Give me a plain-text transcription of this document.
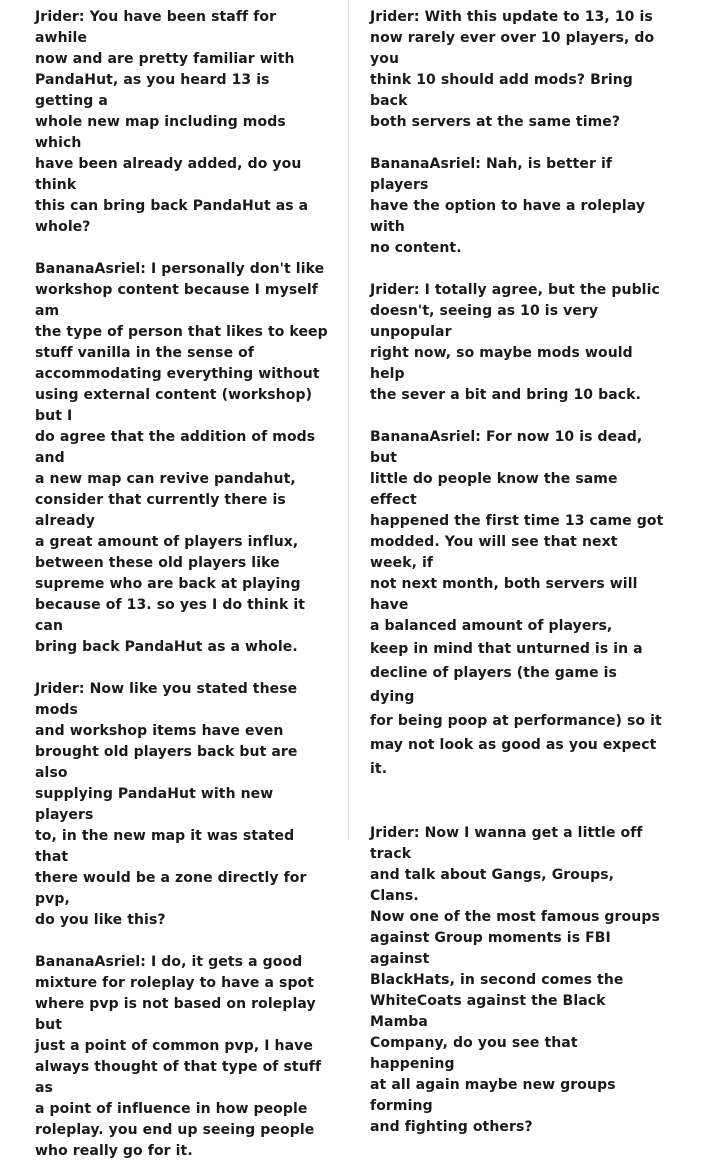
Jrider: You have been staff for awhile
now and are pretty familiar with
PandaHut, as you heard 13 is getting a
whole new map including mods which
have been already added, do you think
this can bring back PandaHut as a
whole?

BananaAsriel: I personally don't like
workshop content because I myself am
the type of person that likes to keep
stuff vanilla in the sense of
accommodating everything without
using external content (workshop) but I
do agree that the addition of mods and
a new map can revive pandahut,
consider that currently there is already
a great amount of players influx,
between these old players like
supreme who are back at playing
because of 13. so yes I do think it can
bring back PandaHut as a whole.

Jrider: Now like you stated these mods
and workshop items have even
brought old players back but are also
supplying PandaHut with new players
to, in the new map it was stated that
there would be a zone directly for pvp,
do you like this?

BananaAsriel: I do, it gets a good
mixture for roleplay to have a spot
where pvp is not based on roleplay but
just a point of common pvp, I have
always thought of that type of stuff as
a point of influence in how people
roleplay. you end up seeing people
who really go for it.

Jrider: With this update to 13, 10 is
now rarely ever over 10 players, do you
think 10 should add mods? Bring back
both servers at the same time?

BananaAsriel: Nah, is better if players
have the option to have a roleplay with
no content.

Jrider: I totally agree, but the public
doesn't, seeing as 10 is very unpopular
right now, so maybe mods would help
the sever a bit and bring 10 back.

BananaAsriel: For now 10 is dead, but
little do people know the same effect
happened the first time 13 came got
modded. You will see that next week, if
not next month, both servers will have
a balanced amount of players,

keep in mind that unturned is in a
decline of players (the game is dying
for being poop at performance) so it
may not look as good as you expect it.

Jrider: Now I wanna get a little off track
and talk about Gangs, Groups, Clans.
Now one of the most famous groups
against Group moments is FBI against
BlackHats, in second comes the
WhiteCoats against the Black Mamba
Company, do you see that happening
at all again maybe new groups forming
and fighting others?
